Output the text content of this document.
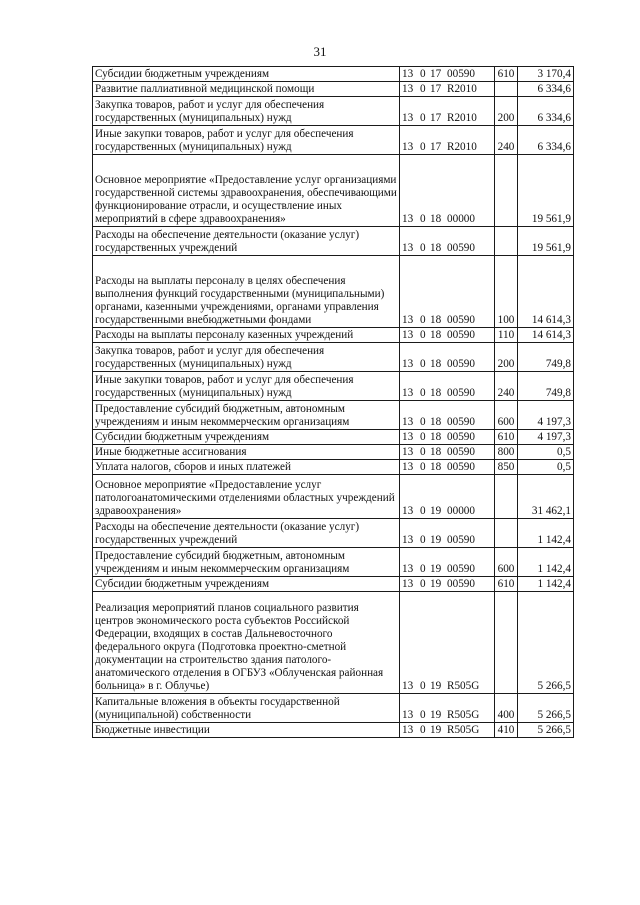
31
Субсидии бюджетным учреждениям	13 0 17 00590	610	3 170,4
Развитие паллиативной медицинской помощи	13 0 17 R2010		6 334,6
Закупка товаров, работ и услуг для обеспечения государственных (муниципальных) нужд	13 0 17 R2010	200	6 334,6
Иные закупки товаров, работ и услуг для обеспечения государственных (муниципальных) нужд	13 0 17 R2010	240	6 334,6
Основное мероприятие «Предоставление услуг организациями государственной системы здравоохранения, обеспечивающими функционирование отрасли, и осуществление иных мероприятий в сфере здравоохранения»	13 0 18 00000		19 561,9
Расходы на обеспечение деятельности (оказание услуг) государственных учреждений	13 0 18 00590		19 561,9
Расходы на выплаты персоналу в целях обеспечения выполнения функций государственными (муниципальными) органами, казенными учреждениями, органами управления государственными внебюджетными фондами	13 0 18 00590	100	14 614,3
Расходы на выплаты персоналу казенных учреждений	13 0 18 00590	110	14 614,3
Закупка товаров, работ и услуг для обеспечения государственных (муниципальных) нужд	13 0 18 00590	200	749,8
Иные закупки товаров, работ и услуг для обеспечения государственных (муниципальных) нужд	13 0 18 00590	240	749,8
Предоставление субсидий бюджетным, автономным учреждениям и иным некоммерческим организациям	13 0 18 00590	600	4 197,3
Субсидии бюджетным учреждениям	13 0 18 00590	610	4 197,3
Иные бюджетные ассигнования	13 0 18 00590	800	0,5
Уплата налогов, сборов и иных платежей	13 0 18 00590	850	0,5
Основное мероприятие «Предоставление услуг патологоанатомическими отделениями областных учреждений здравоохранения»	13 0 19 00000		31 462,1
Расходы на обеспечение деятельности (оказание услуг) государственных учреждений	13 0 19 00590		1 142,4
Предоставление субсидий бюджетным, автономным учреждениям и иным некоммерческим организациям	13 0 19 00590	600	1 142,4
Субсидии бюджетным учреждениям	13 0 19 00590	610	1 142,4
Реализация мероприятий планов социального развития центров экономического роста субъектов Российской Федерации, входящих в состав Дальневосточного федерального округа (Подготовка проектно-сметной документации на строительство здания патолого-анатомического отделения в ОГБУЗ «Облученская районная больница» в г. Облучье)	13 0 19 R505G		5 266,5
Капитальные вложения в объекты государственной (муниципальной) собственности	13 0 19 R505G	400	5 266,5
Бюджетные инвестиции	13 0 19 R505G	410	5 266,5
